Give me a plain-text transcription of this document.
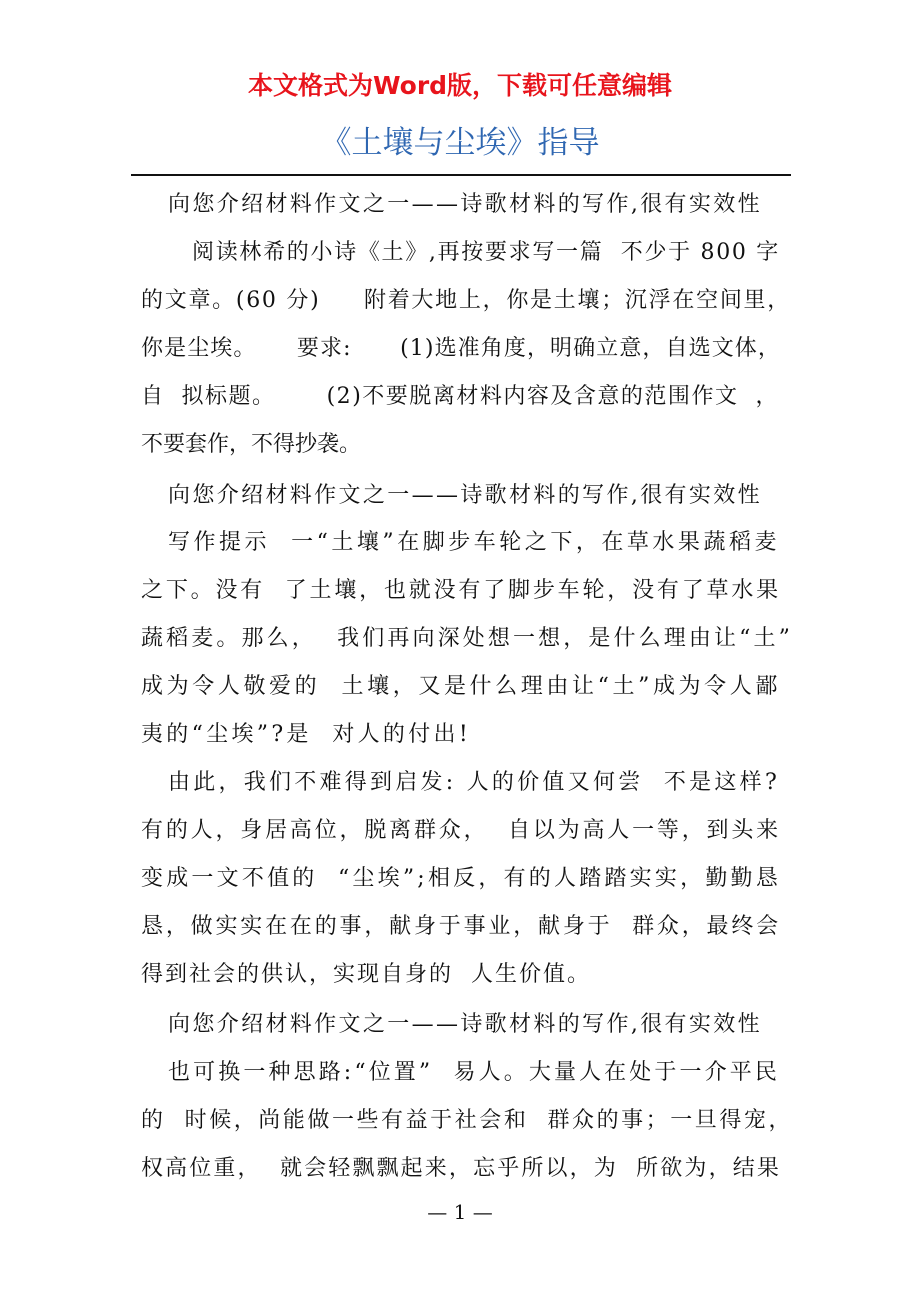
本文格式为Word版，下载可任意编辑
《土壤与尘埃》指导
向您介绍材料作文之一——诗歌材料的写作,很有实效性
阅读林希的小诗《土》,再按要求写一篇  不少于 800 字
的文章。(60 分)     附着大地上，你是土壤；沉浮在空间里，
你是尘埃。     要求:      (1)选准角度，明确立意，自选文体，
自  拟标题。      (2)不要脱离材料内容及含意的范围作文  ，
不要套作，不得抄袭。
向您介绍材料作文之一——诗歌材料的写作,很有实效性
写作提示  一“土壤”在脚步车轮之下，在草水果蔬稻麦
之下。没有  了土壤，也就没有了脚步车轮，没有了草水果
蔬稻麦。那么，  我们再向深处想一想，是什么理由让“土”
成为令人敬爱的  土壤，又是什么理由让“土”成为令人鄙
夷的“尘埃”?是  对人的付出!
由此，我们不难得到启发: 人的价值又何尝  不是这样?
有的人，身居高位，脱离群众，  自以为高人一等，到头来
变成一文不值的  “尘埃”;相反，有的人踏踏实实，勤勤恳
恳，做实实在在的事，献身于事业，献身于  群众，最终会
得到社会的供认，实现自身的  人生价值。
向您介绍材料作文之一——诗歌材料的写作,很有实效性
也可换一种思路:“位置”  易人。大量人在处于一介平民
的  时候，尚能做一些有益于社会和  群众的事；一旦得宠，
权高位重，  就会轻飘飘起来，忘乎所以，为  所欲为，结果
— 1 —
